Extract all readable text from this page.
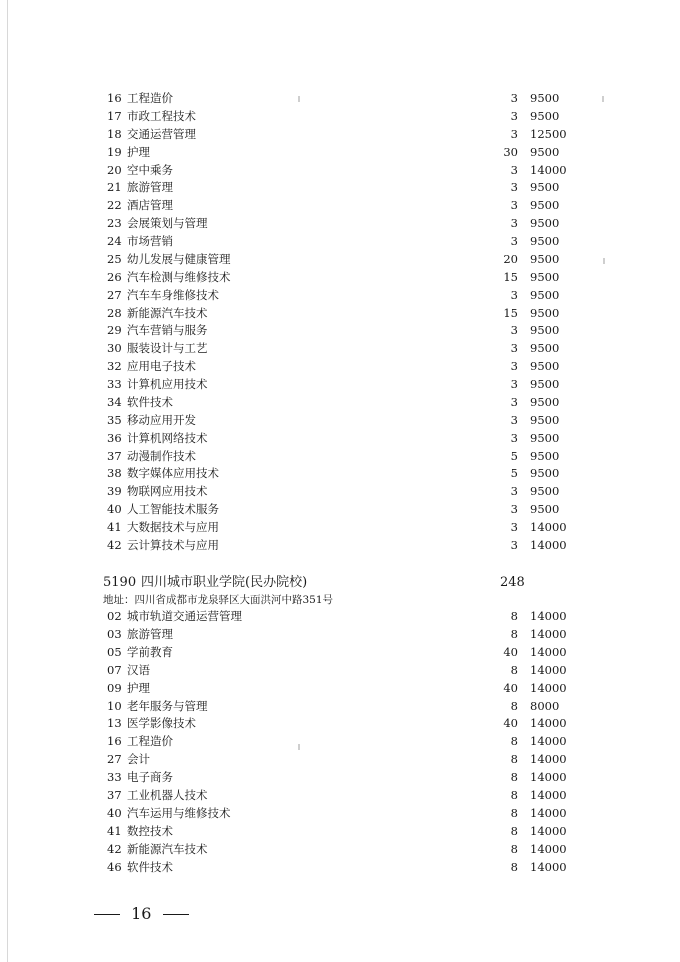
16 工程造价	3 9500
17 市政工程技术	3 9500
18 交通运营管理	3 12500
19 护理	30 9500
20 空中乘务	3 14000
21 旅游管理	3 9500
22 酒店管理	3 9500
23 会展策划与管理	3 9500
24 市场营销	3 9500
25 幼儿发展与健康管理	20 9500
26 汽车检测与维修技术	15 9500
27 汽车车身维修技术	3 9500
28 新能源汽车技术	15 9500
29 汽车营销与服务	3 9500
30 服装设计与工艺	3 9500
32 应用电子技术	3 9500
33 计算机应用技术	3 9500
34 软件技术	3 9500
35 移动应用开发	3 9500
36 计算机网络技术	3 9500
37 动漫制作技术	5 9500
38 数字媒体应用技术	5 9500
39 物联网应用技术	3 9500
40 人工智能技术服务	3 9500
41 大数据技术与应用	3 14000
42 云计算技术与应用	3 14000
5190 四川城市职业学院(民办院校)	248
地址：四川省成都市龙泉驿区大面洪河中路351号
02 城市轨道交通运营管理	8 14000
03 旅游管理	8 14000
05 学前教育	40 14000
07 汉语	8 14000
09 护理	40 14000
10 老年服务与管理	8 8000
13 医学影像技术	40 14000
16 工程造价	8 14000
27 会计	8 14000
33 电子商务	8 14000
37 工业机器人技术	8 14000
40 汽车运用与维修技术	8 14000
41 数控技术	8 14000
42 新能源汽车技术	8 14000
46 软件技术	8 14000
16
